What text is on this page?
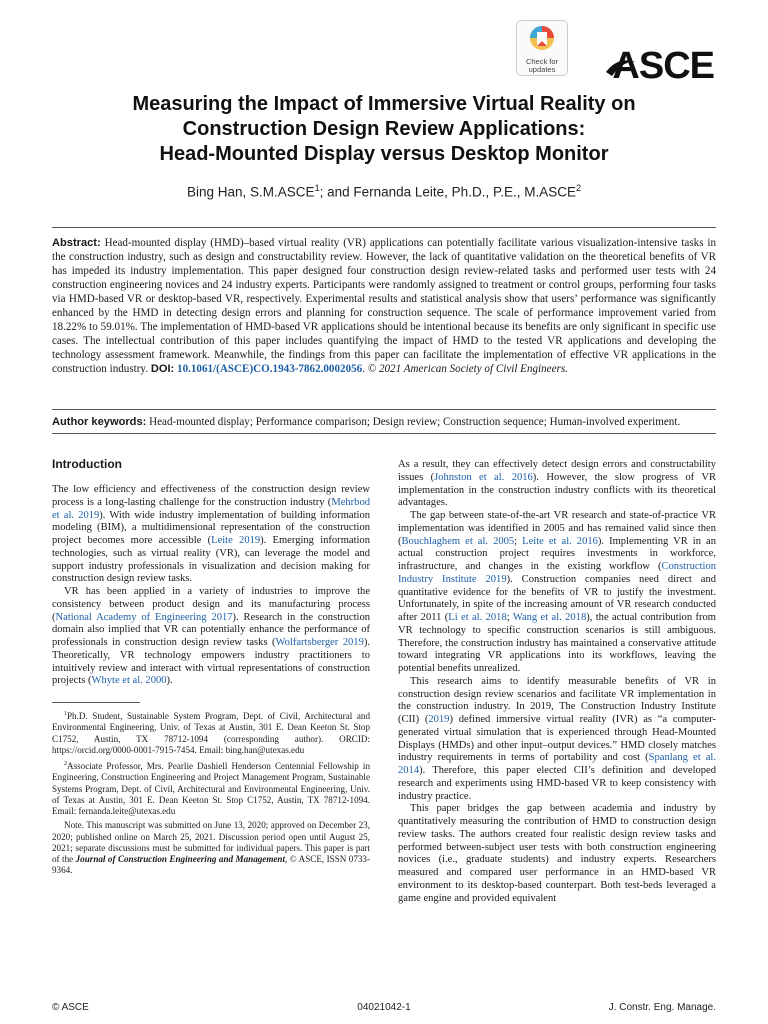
Check for
updates	ASCE
Measuring the Impact of Immersive Virtual Reality on
Construction Design Review Applications:
Head-Mounted Display versus Desktop Monitor
Bing Han, S.M.ASCE$^1$; and Fernanda Leite, Ph.D., P.E., M.ASCE$^2$
Abstract: Head-mounted display (HMD)–based virtual reality (VR) applications can potentially facilitate various visualization-intensive tasks in the construction industry, such as design and constructability review. However, the lack of quantitative validation on the theoretical benefits of VR has impeded its industry implementation. This paper designed four construction design review-related tasks and performed user tests with 24 construction engineering novices and 24 industry experts. Participants were randomly assigned to treatment or control groups, performing four tasks via HMD-based VR or desktop-based VR, respectively. Experimental results and statistical analysis show that users’ performance was significantly enhanced by the HMD in detecting design errors and planning for construction sequence. The scale of performance improvement varied from 18.22% to 59.01%. The implementation of HMD-based VR applications should be intentional because its benefits are only significant in specific use cases. The intellectual contribution of this paper includes quantifying the impact of HMD to the tested VR applications and developing the technology assessment framework. Meanwhile, the findings from this paper can facilitate the implementation of effective VR applications in the construction industry. DOI: 10.1061/(ASCE)CO.1943-7862.0002056. © 2021 American Society of Civil Engineers.
Author keywords: Head-mounted display; Performance comparison; Design review; Construction sequence; Human-involved experiment.
Introduction

The low efficiency and effectiveness of the construction design review process is a long-lasting challenge for the construction industry (Mehrbod et al. 2019). With wide industry implementation of building information modeling (BIM), a multidimensional representation of the construction project becomes more accessible (Leite 2019). Emerging information technologies, such as virtual reality (VR), can leverage the model and support industry professionals in visualization and decision making for construction design review tasks.

VR has been applied in a variety of industries to improve the consistency between product design and its manufacturing process (National Academy of Engineering 2017). Research in the construction domain also implied that VR can potentially enhance the performance of professionals in construction design review tasks (Wolfartsberger 2019). Theoretically, VR technology empowers industry practitioners to intuitively review and interact with virtual representations of construction projects (Whyte et al. 2000).

$^1$Ph.D. Student, Sustainable System Program, Dept. of Civil, Architectural and Environmental Engineering, Univ. of Texas at Austin, 301 E. Dean Keeton St. Stop C1752, Austin, TX 78712-1094 (corresponding author). ORCID: https://orcid.org/0000-0001-7915-7454. Email: bing.han@utexas.edu

$^2$Associate Professor, Mrs. Pearlie Dashiell Henderson Centennial Fellowship in Engineering, Construction Engineering and Project Management Program, Sustainable Systems Program, Dept. of Civil, Architectural and Environmental Engineering, Univ. of Texas at Austin, 301 E. Dean Keeton St. Stop C1752, Austin, TX 78712-1094. Email: fernanda.leite@utexas.edu

Note. This manuscript was submitted on June 13, 2020; approved on December 23, 2020; published online on March 25, 2021. Discussion period open until August 25, 2021; separate discussions must be submitted for individual papers. This paper is part of the Journal of Construction Engineering and Management, © ASCE, ISSN 0733-9364.

As a result, they can effectively detect design errors and constructability issues (Johnston et al. 2016). However, the slow progress of VR implementation in the construction industry conflicts with its theoretical advantages.

The gap between state-of-the-art VR research and state-of-practice VR implementation was identified in 2005 and has remained valid since then (Bouchlaghem et al. 2005; Leite et al. 2016). Implementing VR in an actual construction project requires investments in workforce, infrastructure, and changes in the existing workflow (Construction Industry Institute 2019). Construction companies need direct and quantitative evidence for the benefits of VR to justify the investment. Unfortunately, in spite of the increasing amount of VR research conducted after 2011 (Li et al. 2018; Wang et al. 2018), the actual contribution from VR technology to specific construction scenarios is still ambiguous. Therefore, the construction industry has maintained a conservative attitude toward integrating VR applications into its workflows, leaving the potential benefits unrealized.

This research aims to identify measurable benefits of VR in construction design review scenarios and facilitate VR implementation in the construction industry. In 2019, The Construction Industry Institute (CII) (2019) defined immersive virtual reality (IVR) as “a computer-generated virtual simulation that is experienced through Head-Mounted Displays (HMDs) and other input–output devices.” HMD closely matches industry requirements in terms of portability and cost (Spanlang et al. 2014). Therefore, this paper elected CII’s definition and developed research and experiments using HMD-based VR to keep consistency with industry practice.

This paper bridges the gap between academia and industry by quantitatively measuring the contribution of HMD to construction design review tasks. The authors created four realistic design review tasks and performed between-subject user tests with both construction engineering novices (i.e., graduate students) and industry experts. Researchers measured and compared user performance in an HMD-based VR environment to its desktop-based counterpart. Both test-beds leveraged a game engine and provided equivalent

© ASCE	04021042-1	J. Constr. Eng. Manage.
